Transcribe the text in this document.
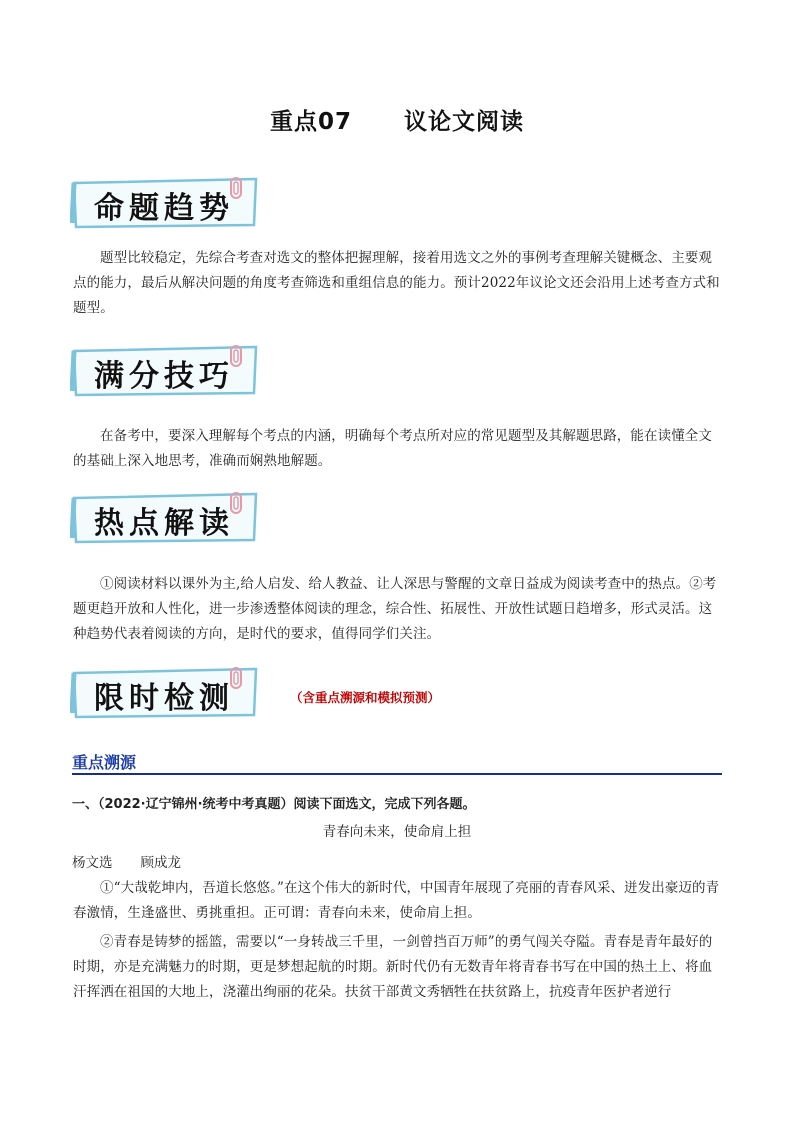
重点07 议论文阅读
命题趋势

题型比较稳定，先综合考查对选文的整体把握理解，接着用选文之外的事例考查理解关键概念、主要观点的能力，最后从解决问题的角度考查筛选和重组信息的能力。预计2022年议论文还会沿用上述考查方式和题型。

满分技巧

在备考中，要深入理解每个考点的内涵，明确每个考点所对应的常见题型及其解题思路，能在读懂全文的基础上深入地思考，准确而娴熟地解题。

热点解读

①阅读材料以课外为主,给人启发、给人教益、让人深思与警醒的文章日益成为阅读考查中的热点。②考题更趋开放和人性化，进一步渗透整体阅读的理念，综合性、拓展性、开放性试题日趋增多，形式灵活。这种趋势代表着阅读的方向，是时代的要求，值得同学们关注。

限时检测	（含重点溯源和模拟预测）
重点溯源
一、（2022·辽宁锦州·统考中考真题）阅读下面选文，完成下列各题。
青春向未来，使命肩上担
杨文选 顾成龙

①“大哉乾坤内，吾道长悠悠。”在这个伟大的新时代，中国青年展现了亮丽的青春风采、迸发出豪迈的青春激情，生逢盛世、勇挑重担。正可谓：青春向未来，使命肩上担。

②青春是铸梦的摇篮，需要以“一身转战三千里，一剑曾挡百万师”的勇气闯关夺隘。青春是青年最好的时期，亦是充满魅力的时期，更是梦想起航的时期。新时代仍有无数青年将青春书写在中国的热土上、将血汗挥洒在祖国的大地上，浇灌出绚丽的花朵。扶贫干部黄文秀牺牲在扶贫路上，抗疫青年医护者逆行
